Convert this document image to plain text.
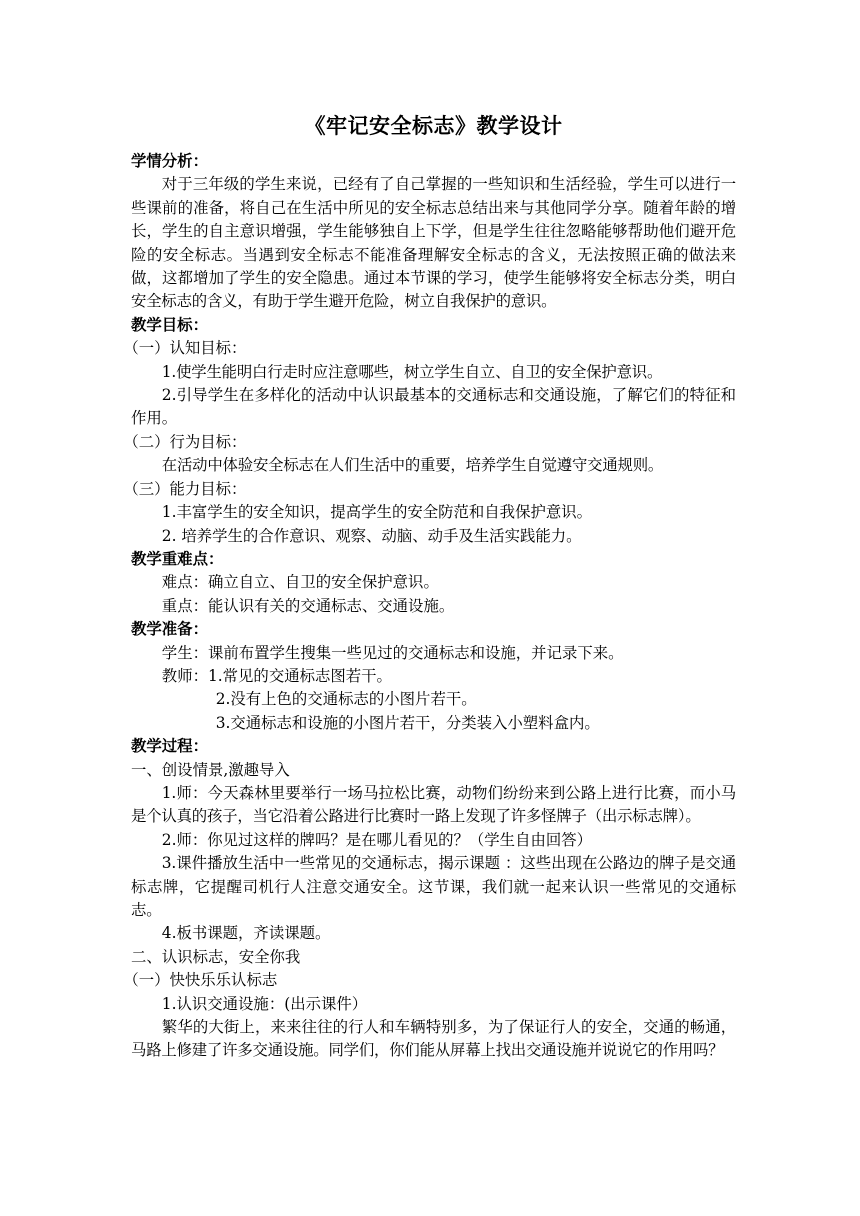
《牢记安全标志》教学设计

学情分析：

对于三年级的学生来说，已经有了自己掌握的一些知识和生活经验，学生可以进行一些课前的准备，将自己在生活中所见的安全标志总结出来与其他同学分享。随着年龄的增长，学生的自主意识增强，学生能够独自上下学，但是学生往往忽略能够帮助他们避开危险的安全标志。当遇到安全标志不能准备理解安全标志的含义，无法按照正确的做法来做，这都增加了学生的安全隐患。通过本节课的学习，使学生能够将安全标志分类，明白安全标志的含义，有助于学生避开危险，树立自我保护的意识。

教学目标：

（一）认知目标：

1.使学生能明白行走时应注意哪些，树立学生自立、自卫的安全保护意识。

2.引导学生在多样化的活动中认识最基本的交通标志和交通设施，了解它们的特征和作用。

（二）行为目标：

在活动中体验安全标志在人们生活中的重要，培养学生自觉遵守交通规则。

（三）能力目标：

1.丰富学生的安全知识，提高学生的安全防范和自我保护意识。

2. 培养学生的合作意识、观察、动脑、动手及生活实践能力。

教学重难点：

难点：确立自立、自卫的安全保护意识。

重点：能认识有关的交通标志、交通设施。

教学准备：

学生：课前布置学生搜集一些见过的交通标志和设施，并记录下来。

教师：1.常见的交通标志图若干。

2.没有上色的交通标志的小图片若干。

3.交通标志和设施的小图片若干，分类装入小塑料盒内。

教学过程：

一、创设情景,激趣导入

1.师：今天森林里要举行一场马拉松比赛，动物们纷纷来到公路上进行比赛，而小马是个认真的孩子，当它沿着公路进行比赛时一路上发现了许多怪牌子（出示标志牌）。

2.师：你见过这样的牌吗？是在哪儿看见的？（学生自由回答）

3.课件播放生活中一些常见的交通标志，揭示课题 ：这些出现在公路边的牌子是交通标志牌，它提醒司机行人注意交通安全。这节课，我们就一起来认识一些常见的交通标志。

4.板书课题，齐读课题。

二、认识标志，安全你我

（一）快快乐乐认标志

1.认识交通设施：(出示课件）

繁华的大街上，来来往往的行人和车辆特别多，为了保证行人的安全，交通的畅通，马路上修建了许多交通设施。同学们，你们能从屏幕上找出交通设施并说说它的作用吗？
